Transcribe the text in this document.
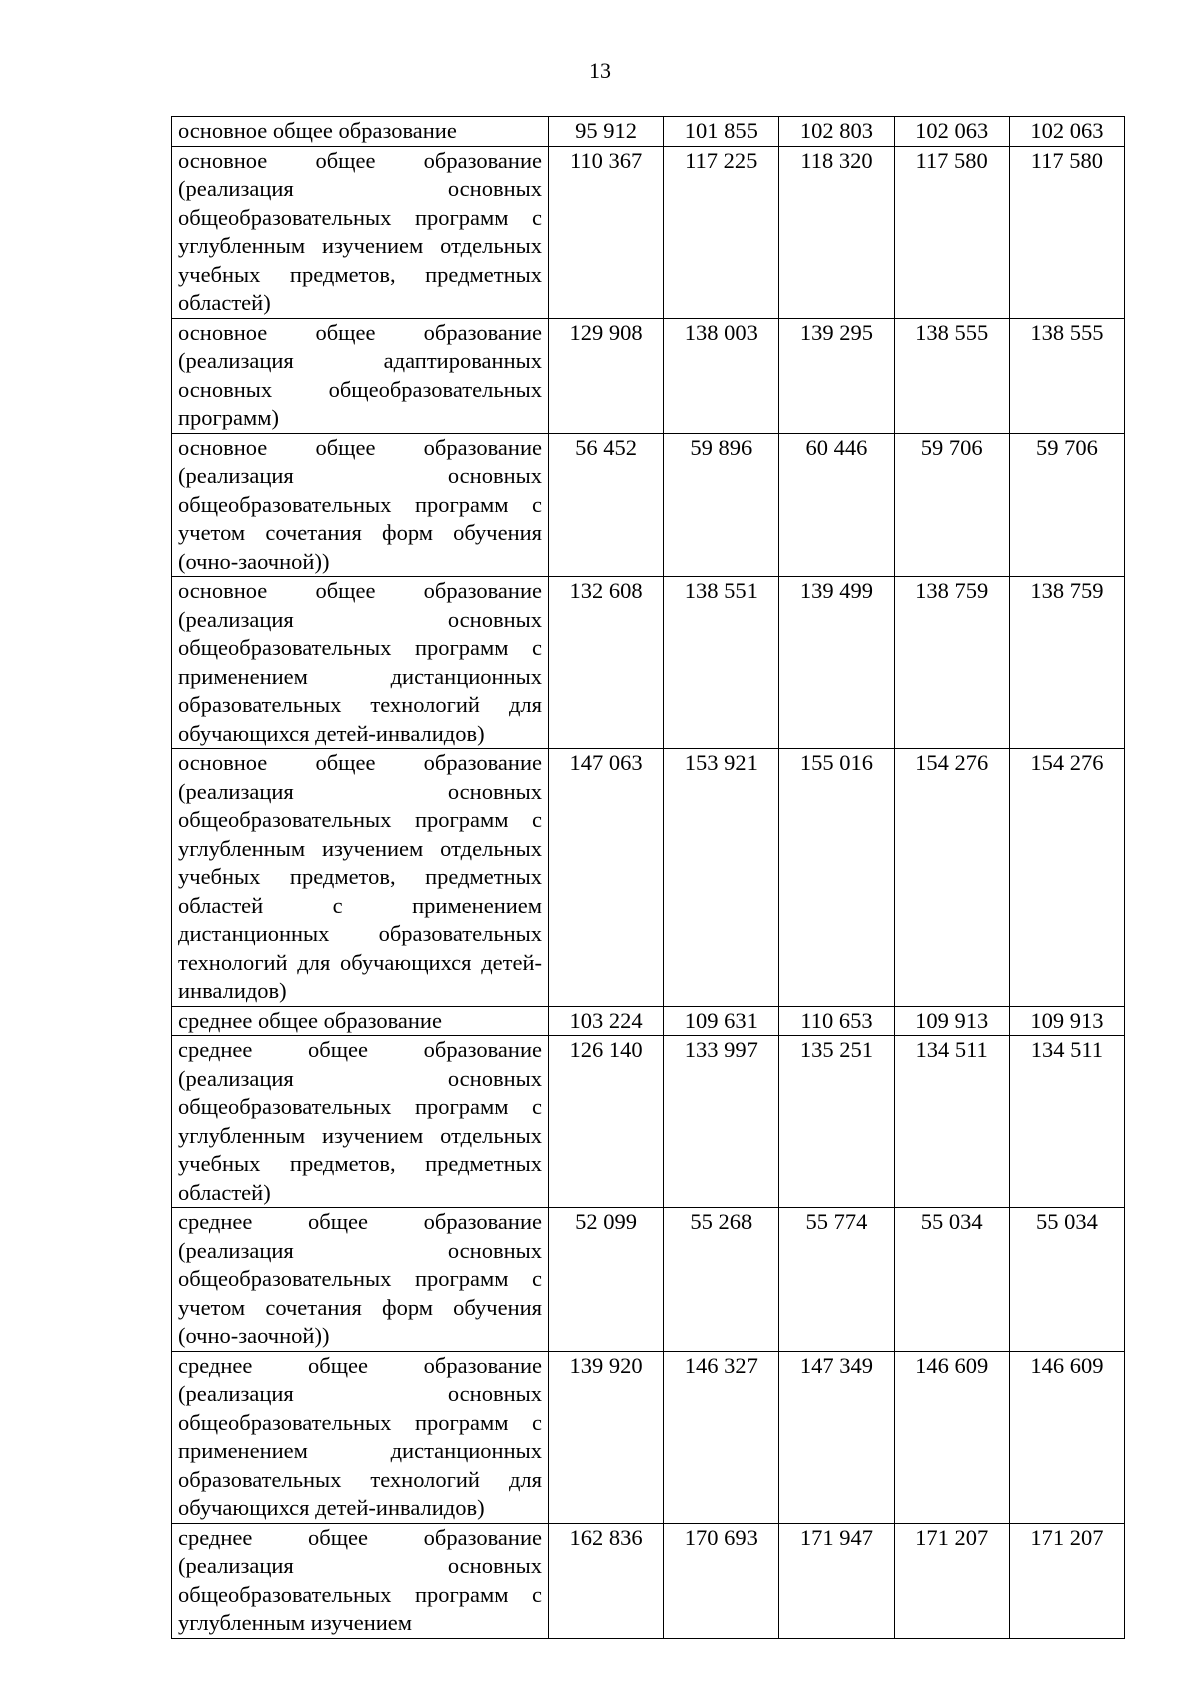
13
основное общее образование	95 912	101 855	102 803	102 063	102 063
основное общее образование (реализация основных общеобразовательных программ с углубленным изучением отдельных учебных предметов, предметных областей)	110 367	117 225	118 320	117 580	117 580
основное общее образование (реализация адаптированных основных общеобразовательных программ)	129 908	138 003	139 295	138 555	138 555
основное общее образование (реализация основных общеобразовательных программ с учетом сочетания форм обучения (очно-заочной))	56 452	59 896	60 446	59 706	59 706
основное общее образование (реализация основных общеобразовательных программ с применением дистанционных образовательных технологий для обучающихся детей-инвалидов)	132 608	138 551	139 499	138 759	138 759
основное общее образование (реализация основных общеобразовательных программ с углубленным изучением отдельных учебных предметов, предметных областей с применением дистанционных образовательных технологий для обучающихся детей-инвалидов)	147 063	153 921	155 016	154 276	154 276
среднее общее образование	103 224	109 631	110 653	109 913	109 913
среднее общее образование (реализация основных общеобразовательных программ с углубленным изучением отдельных учебных предметов, предметных областей)	126 140	133 997	135 251	134 511	134 511
среднее общее образование (реализация основных общеобразовательных программ с учетом сочетания форм обучения (очно-заочной))	52 099	55 268	55 774	55 034	55 034
среднее общее образование (реализация основных общеобразовательных программ с применением дистанционных образовательных технологий для обучающихся детей-инвалидов)	139 920	146 327	147 349	146 609	146 609
среднее общее образование (реализация основных общеобразовательных программ с углубленным изучением	162 836	170 693	171 947	171 207	171 207
